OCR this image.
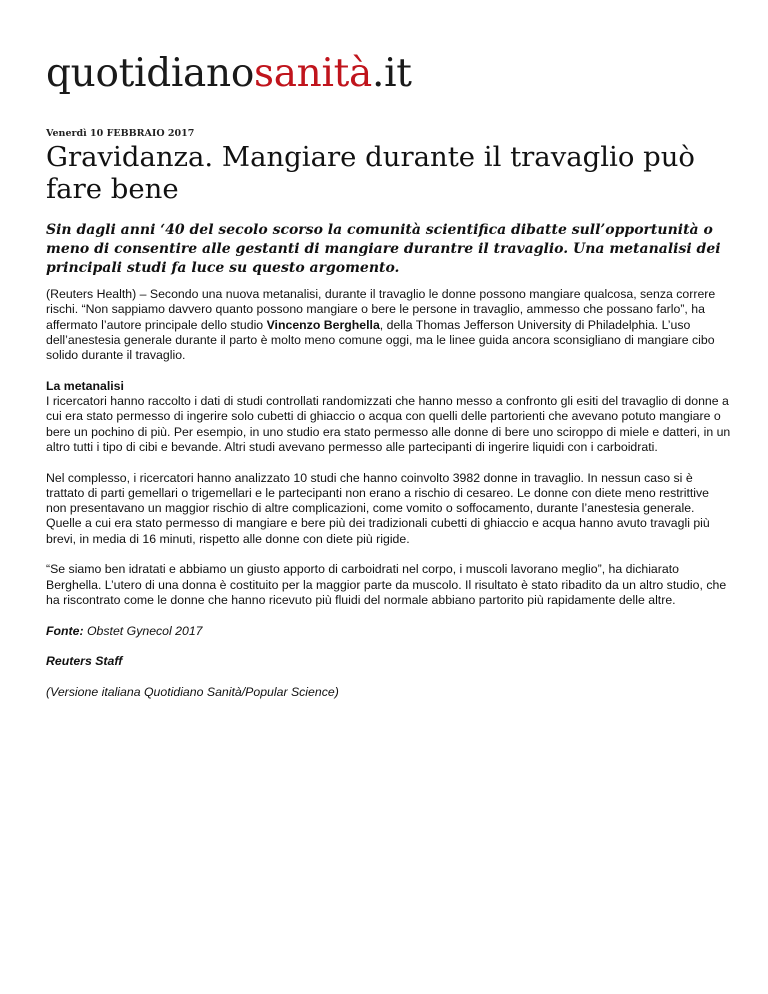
quotidianosanità.it
Venerdì 10 FEBBRAIO 2017
Gravidanza. Mangiare durante il travaglio può fare bene

Sin dagli anni ‘40 del secolo scorso la comunità scientifica dibatte sull’opportunità o meno di consentire alle gestanti di mangiare durantre il travaglio. Una metanalisi dei principali studi fa luce su questo argomento.

(Reuters Health) – Secondo una nuova metanalisi, durante il travaglio le donne possono mangiare qualcosa, senza correre rischi. “Non sappiamo davvero quanto possono mangiare o bere le persone in travaglio, ammesso che possano farlo”, ha affermato l’autore principale dello studio Vincenzo Berghella, della Thomas Jefferson University di Philadelphia. L’uso dell’anestesia generale durante il parto è molto meno comune oggi, ma le linee guida ancora sconsigliano di mangiare cibo solido durante il travaglio.

La metanalisi
I ricercatori hanno raccolto i dati di studi controllati randomizzati che hanno messo a confronto gli esiti del travaglio di donne a cui era stato permesso di ingerire solo cubetti di ghiaccio o acqua con quelli delle partorienti che avevano potuto mangiare o bere un pochino di più. Per esempio, in uno studio era stato permesso alle donne di bere uno sciroppo di miele e datteri, in un altro tutti i tipo di cibi e bevande. Altri studi avevano permesso alle partecipanti di ingerire liquidi con i carboidrati.

Nel complesso, i ricercatori hanno analizzato 10 studi che hanno coinvolto 3982 donne in travaglio. In nessun caso si è trattato di parti gemellari o trigemellari e le partecipanti non erano a rischio di cesareo. Le donne con diete meno restrittive non presentavano un maggior rischio di altre complicazioni, come vomito o soffocamento, durante l’anestesia generale. Quelle a cui era stato permesso di mangiare e bere più dei tradizionali cubetti di ghiaccio e acqua hanno avuto travagli più brevi, in media di 16 minuti, rispetto alle donne con diete più rigide.

“Se siamo ben idratati e abbiamo un giusto apporto di carboidrati nel corpo, i muscoli lavorano meglio”, ha dichiarato Berghella. L’utero di una donna è costituito per la maggior parte da muscolo. Il risultato è stato ribadito da un altro studio, che ha riscontrato come le donne che hanno ricevuto più fluidi del normale abbiano partorito più rapidamente delle altre.

Fonte: Obstet Gynecol 2017

Reuters Staff

(Versione italiana Quotidiano Sanità/Popular Science)
